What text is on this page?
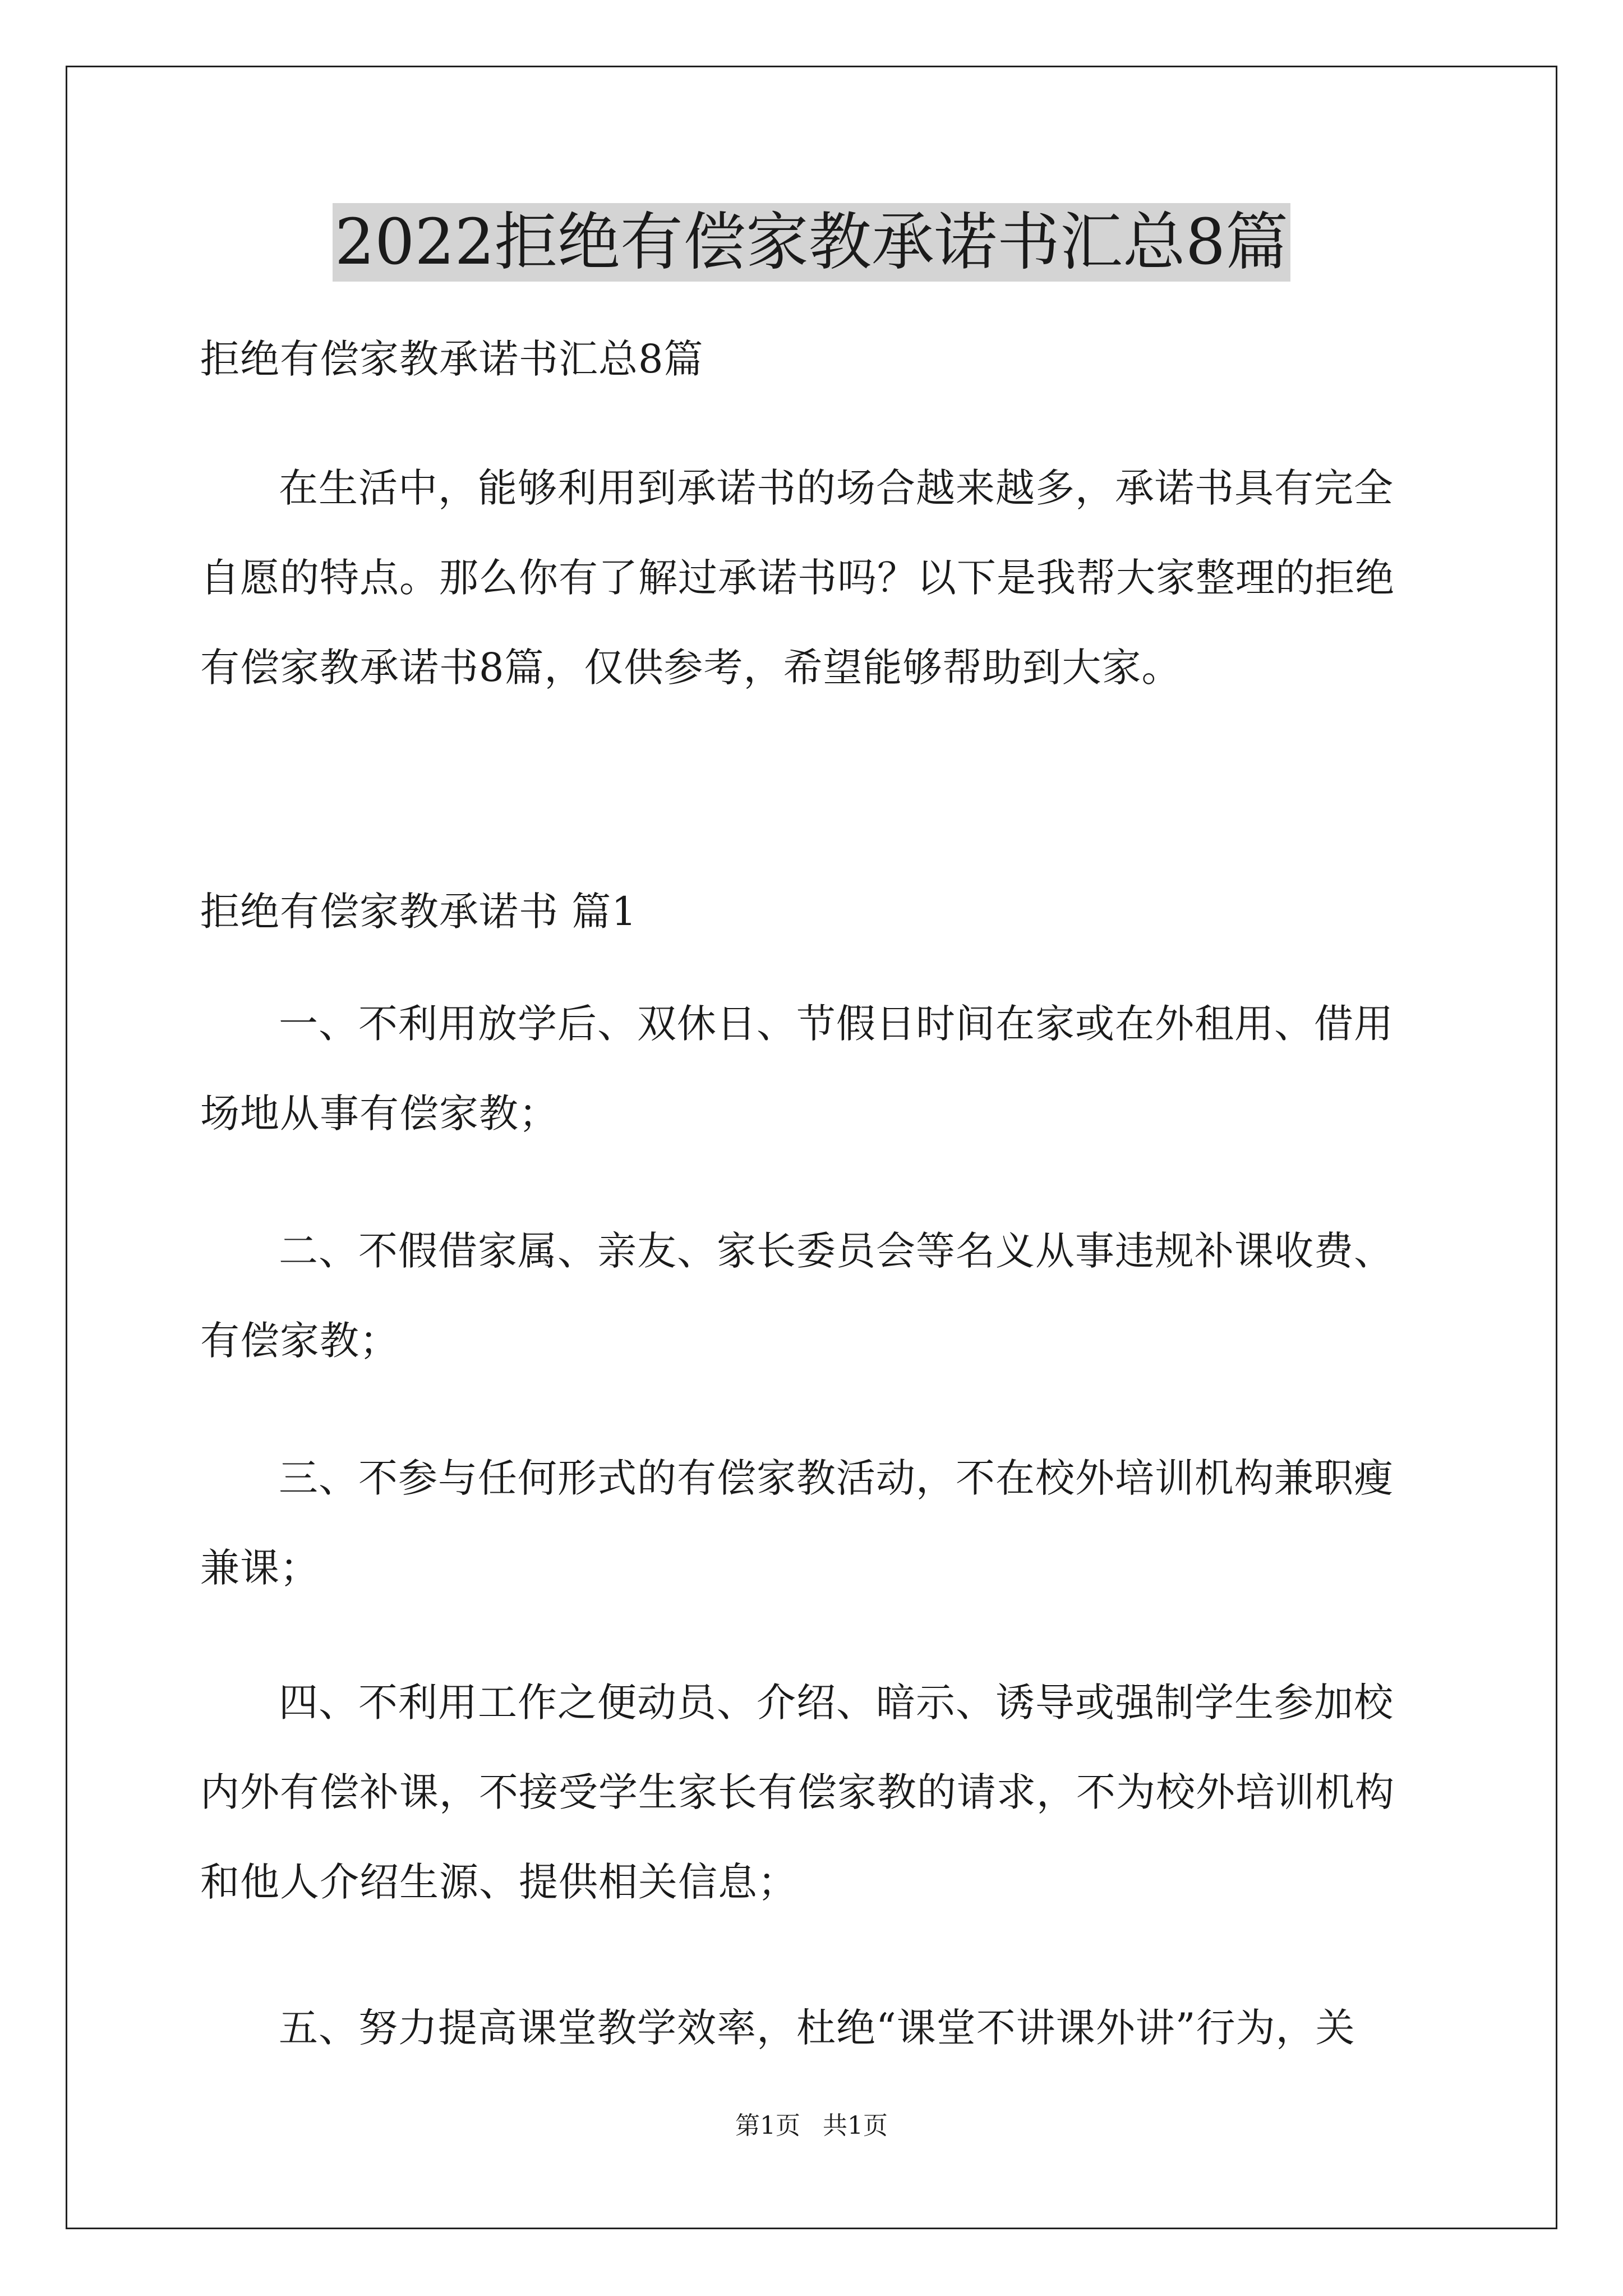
2022拒绝有偿家教承诺书汇总8篇

拒绝有偿家教承诺书汇总8篇

在生活中，能够利用到承诺书的场合越来越多，承诺书具有完全自愿的特点。那么你有了解过承诺书吗？以下是我帮大家整理的拒绝有偿家教承诺书8篇，仅供参考，希望能够帮助到大家。

拒绝有偿家教承诺书 篇1

一、不利用放学后、双休日、节假日时间在家或在外租用、借用场地从事有偿家教；

二、不假借家属、亲友、家长委员会等名义从事违规补课收费、有偿家教；

三、不参与任何形式的有偿家教活动，不在校外培训机构兼职瘦兼课；

四、不利用工作之便动员、介绍、暗示、诱导或强制学生参加校内外有偿补课，不接受学生家长有偿家教的请求，不为校外培训机构和他人介绍生源、提供相关信息；

五、努力提高课堂教学效率，杜绝“课堂不讲课外讲”行为，关

第1页 共1页
